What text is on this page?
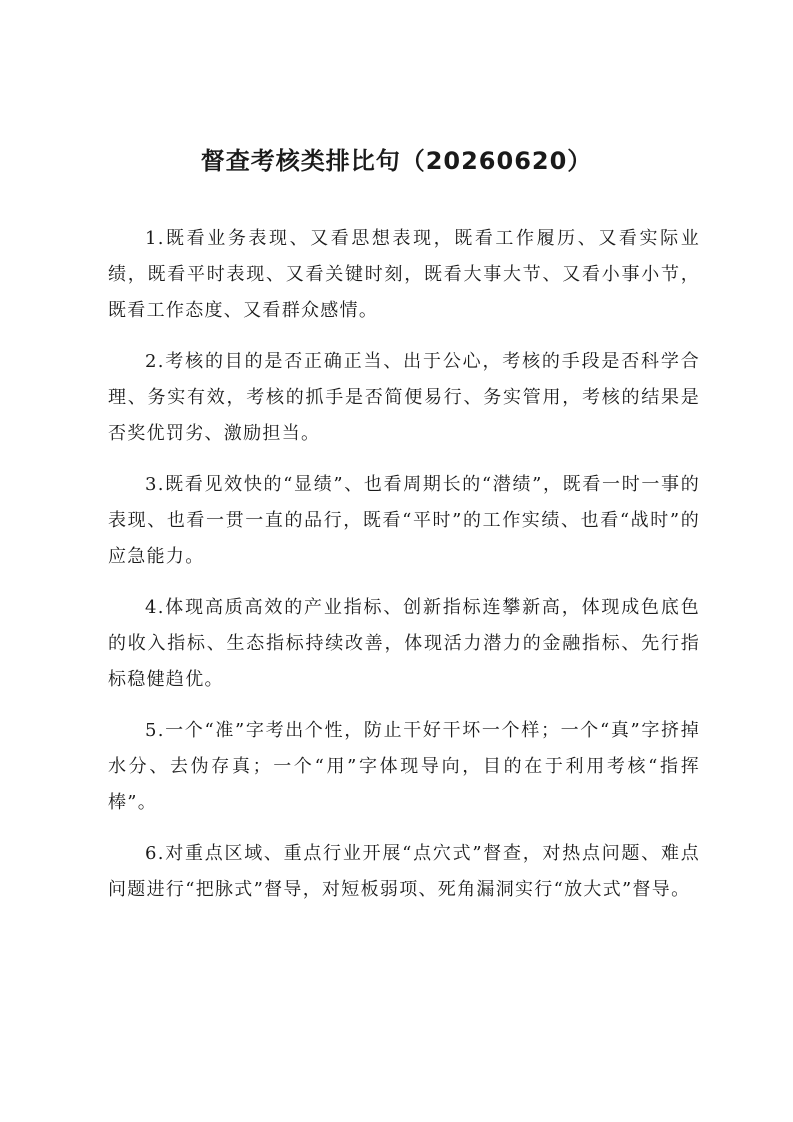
督查考核类排比句（20260620）

1.既看业务表现、又看思想表现，既看工作履历、又看实际业绩，既看平时表现、又看关键时刻，既看大事大节、又看小事小节，既看工作态度、又看群众感情。

2.考核的目的是否正确正当、出于公心，考核的手段是否科学合理、务实有效，考核的抓手是否简便易行、务实管用，考核的结果是否奖优罚劣、激励担当。

3.既看见效快的“显绩”、也看周期长的“潜绩”，既看一时一事的表现、也看一贯一直的品行，既看“平时”的工作实绩、也看“战时”的应急能力。

4.体现高质高效的产业指标、创新指标连攀新高，体现成色底色的收入指标、生态指标持续改善，体现活力潜力的金融指标、先行指标稳健趋优。

5.一个“准”字考出个性，防止干好干坏一个样；一个“真”字挤掉水分、去伪存真；一个“用”字体现导向，目的在于利用考核“指挥棒”。

6.对重点区域、重点行业开展“点穴式”督查，对热点问题、难点问题进行“把脉式”督导，对短板弱项、死角漏洞实行“放大式”督导。
